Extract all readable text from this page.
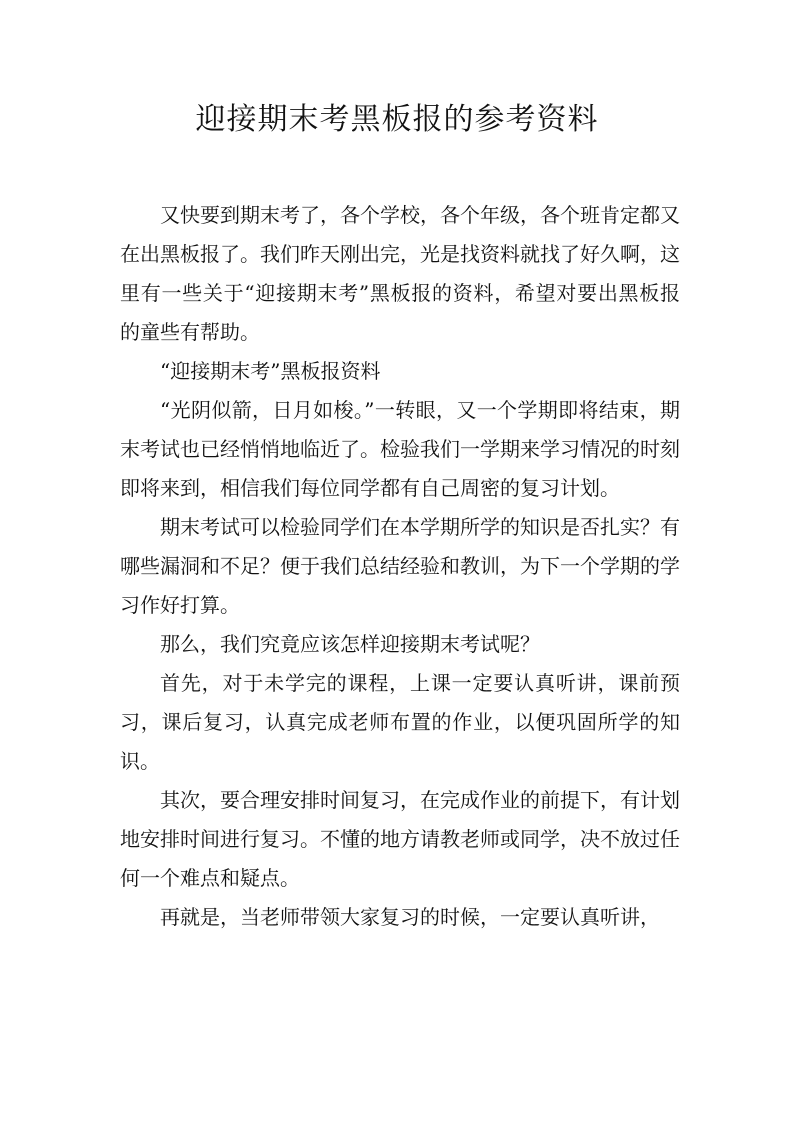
迎接期末考黑板报的参考资料

又快要到期末考了，各个学校，各个年级，各个班肯定都又在出黑板报了。我们昨天刚出完，光是找资料就找了好久啊，这里有一些关于“迎接期末考”黑板报的资料，希望对要出黑板报的童些有帮助。

“迎接期末考”黑板报资料

“光阴似箭，日月如梭。”一转眼，又一个学期即将结束，期末考试也已经悄悄地临近了。检验我们一学期来学习情况的时刻即将来到，相信我们每位同学都有自己周密的复习计划。

期末考试可以检验同学们在本学期所学的知识是否扎实？有哪些漏洞和不足？便于我们总结经验和教训，为下一个学期的学习作好打算。

那么，我们究竟应该怎样迎接期末考试呢？

首先，对于未学完的课程，上课一定要认真听讲，课前预习，课后复习，认真完成老师布置的作业，以便巩固所学的知识。

其次，要合理安排时间复习，在完成作业的前提下，有计划地安排时间进行复习。不懂的地方请教老师或同学，决不放过任何一个难点和疑点。

再就是，当老师带领大家复习的时候，一定要认真听讲，
